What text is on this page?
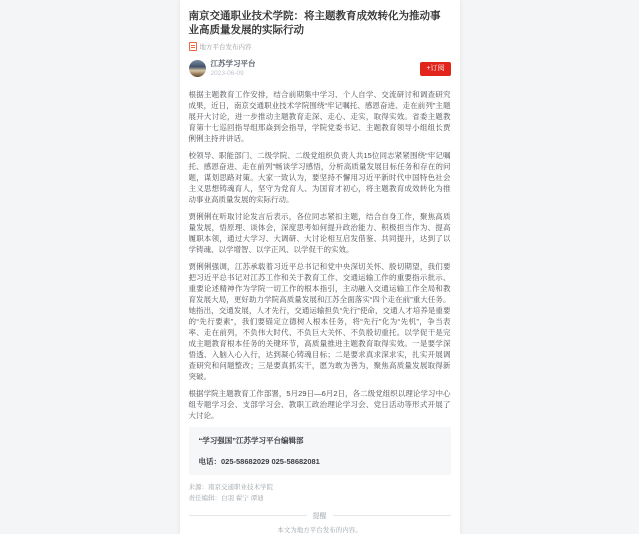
南京交通职业技术学院：将主题教育成效转化为推动事业高质量发展的实际行动
地方平台发布内容
江苏学习平台
2023-06-09
+订阅

根据主题教育工作安排，结合前期集中学习、个人自学、交流研讨和调查研究成果，近日，南京交通职业技术学院围绕“牢记嘱托、感恩奋进、走在前列”主题展开大讨论，进一步推动主题教育走深、走心、走实，取得实效。省委主题教育第十七巡回指导组邢焱到会指导，学院党委书记、主题教育领导小组组长贾俐俐主持并讲话。

校领导、职能部门、二级学院、二级党组织负责人共15位同志紧紧围绕“牢记嘱托、感恩奋进、走在前列”畅谈学习感悟，分析高质量发展目标任务和存在的问题，谋划思路对策。大家一致认为，要坚持不懈用习近平新时代中国特色社会主义思想铸魂育人，坚守为党育人、为国育才初心，将主题教育成效转化为推动事业高质量发展的实际行动。

贾俐俐在听取讨论发言后表示，各位同志紧扣主题，结合自身工作，聚焦高质量发展，悟原理、谈体会，深度思考如何提升政治能力、积极担当作为、提高履职本领，通过大学习、大调研、大讨论相互启发借鉴、共同提升，达到了以学铸魂、以学增智、以学正风、以学促干的实效。

贾俐俐强调，江苏承载着习近平总书记和党中央深切关怀、殷切期望，我们要把习近平总书记对江苏工作和关于教育工作、交通运输工作的重要指示批示、重要论述精神作为学院一切工作的根本指引，主动融入交通运输工作全局和教育发展大局，更好助力学院高质量发展和江苏全面落实“四个走在前”重大任务。她指出，交通发展，人才先行，交通运输担负“先行”使命，交通人才培养是重要的“先行要素”，我们要锚定立德树人根本任务，将“先行”化为“先机”，争当表率、走在前列，不负伟大时代、不负巨大关怀、不负殷切重托。以学促干是完成主题教育根本任务的关键环节，高质量推进主题教育取得实效。一是要学深悟透、入脑入心入行，达到凝心铸魂目标；二是要求真求深求实，扎实开展调查研究和问题整改；三是要真抓实干，愿为敢为善为，聚焦高质量发展取得新突破。

根据学院主题教育工作部署，5月29日—6月2日，各二级党组织以理论学习中心组专题学习会、支部学习会、教职工政治理论学习会、党日活动等形式开展了大讨论。

“学习强国”江苏学习平台编辑部
电话：025-58682029 025-58682081
来源：南京交通职业技术学院
责任编辑：白羽 翟宁 谭迪
提醒
本文为地方平台发布的内容。
